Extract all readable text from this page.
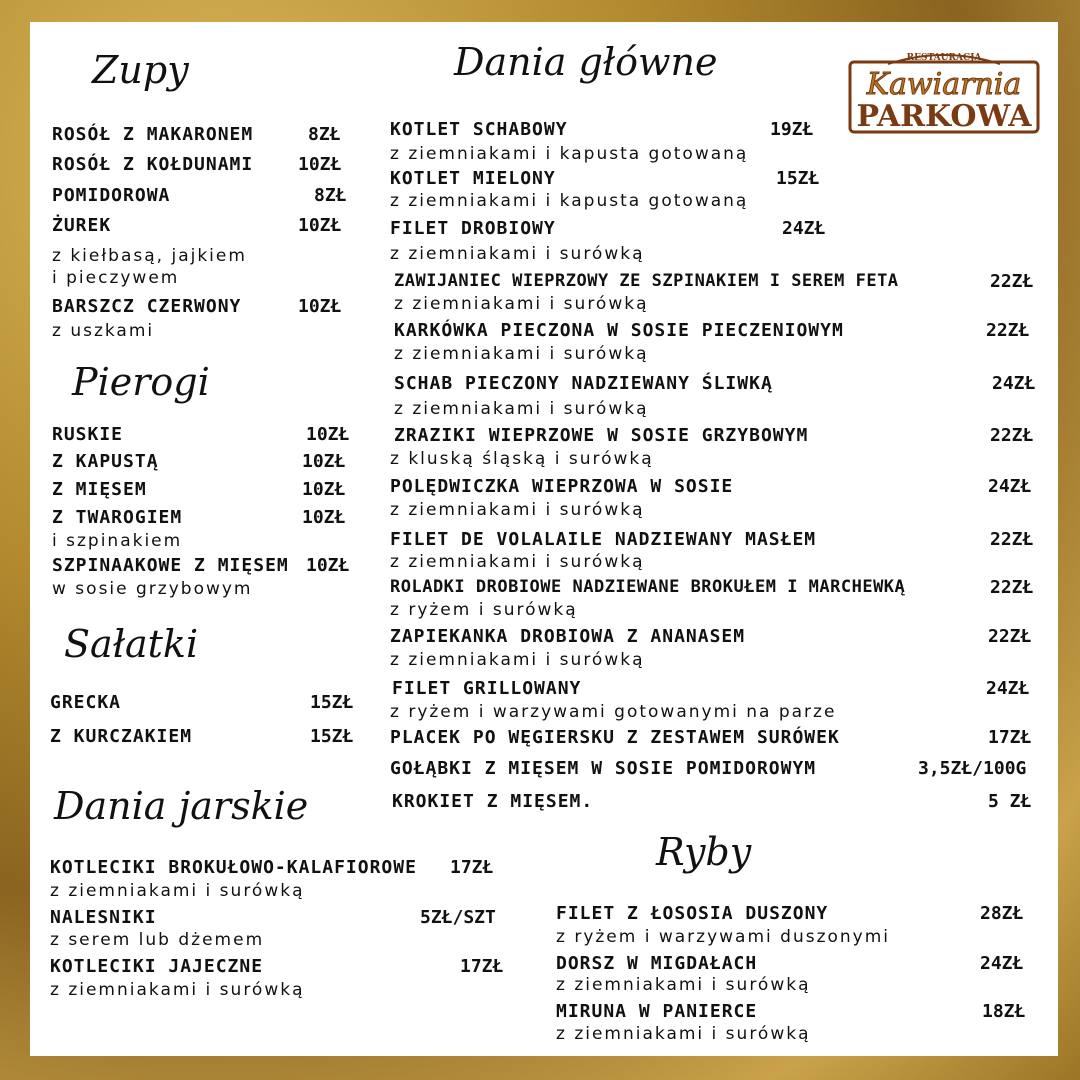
RESTAURACJA
Kawiarnia
PARKOWA
Zupy
ROSÓŁ Z MAKARONEM	8ZŁ
ROSÓŁ Z KOŁDUNAMI 10ZŁ
POMIDOROWA	8ZŁ
ŻUREK	10ZŁ
z kiełbasą, jajkiem
i pieczywem
BARSZCZ CZERWONY	10ZŁ
z uszkami
Pierogi
RUSKIE	10ZŁ
Z KAPUSTĄ	10ZŁ
Z MIĘSEM	10ZŁ
Z TWAROGIEM	10ZŁ
i szpinakiem
SZPINAAKOWE Z MIĘSEM 10ZŁ
w sosie grzybowym
Sałatki
GRECKA	15ZŁ
Z KURCZAKIEM	15ZŁ
Dania jarskie
KOTLECIKI BROKUŁOWO-KALAFIOROWE 17ZŁ
z ziemniakami i surówką
NALESNIKI	5ZŁ/SZT
z serem lub dżemem
KOTLECIKI JAJECZNE	17ZŁ
z ziemniakami i surówką
Dania główne
KOTLET SCHABOWY	19ZŁ
z ziemniakami i kapusta gotowaną
KOTLET MIELONY	15ZŁ
z ziemniakami i kapusta gotowaną
FILET DROBIOWY	24ZŁ
z ziemniakami i surówką
ZAWIJANIEC WIEPRZOWY ZE SZPINAKIEM I SEREM FETA	22ZŁ
z ziemniakami i surówką
KARKÓWKA PIECZONA W SOSIE PIECZENIOWYM	22ZŁ
z ziemniakami i surówką
SCHAB PIECZONY NADZIEWANY ŚLIWKĄ	24ZŁ
z ziemniakami i surówką
ZRAZIKI WIEPRZOWE W SOSIE GRZYBOWYM	22ZŁ
z kluską śląską i surówką
POLĘDWICZKA WIEPRZOWA W SOSIE	24ZŁ
z ziemniakami i surówką
FILET DE VOLALAILE NADZIEWANY MASŁEM	22ZŁ
z ziemniakami i surówką
ROLADKI DROBIOWE NADZIEWANE BROKUŁEM I MARCHEWKĄ	22ZŁ
z ryżem i surówką
ZAPIEKANKA DROBIOWA Z ANANASEM	22ZŁ
z ziemniakami i surówką
FILET GRILLOWANY	24ZŁ
z ryżem i warzywami gotowanymi na parze
PLACEK PO WĘGIERSKU Z ZESTAWEM SURÓWEK	17ZŁ
GOŁĄBKI Z MIĘSEM W SOSIE POMIDOROWYM	3,5ZŁ/100G
KROKIET Z MIĘSEM.	5 ZŁ
Ryby
FILET Z ŁOSOSIA DUSZONY	28ZŁ
z ryżem i warzywami duszonymi
DORSZ W MIGDAŁACH	24ZŁ
z ziemniakami i surówką
MIRUNA W PANIERCE	18ZŁ
z ziemniakami i surówką
